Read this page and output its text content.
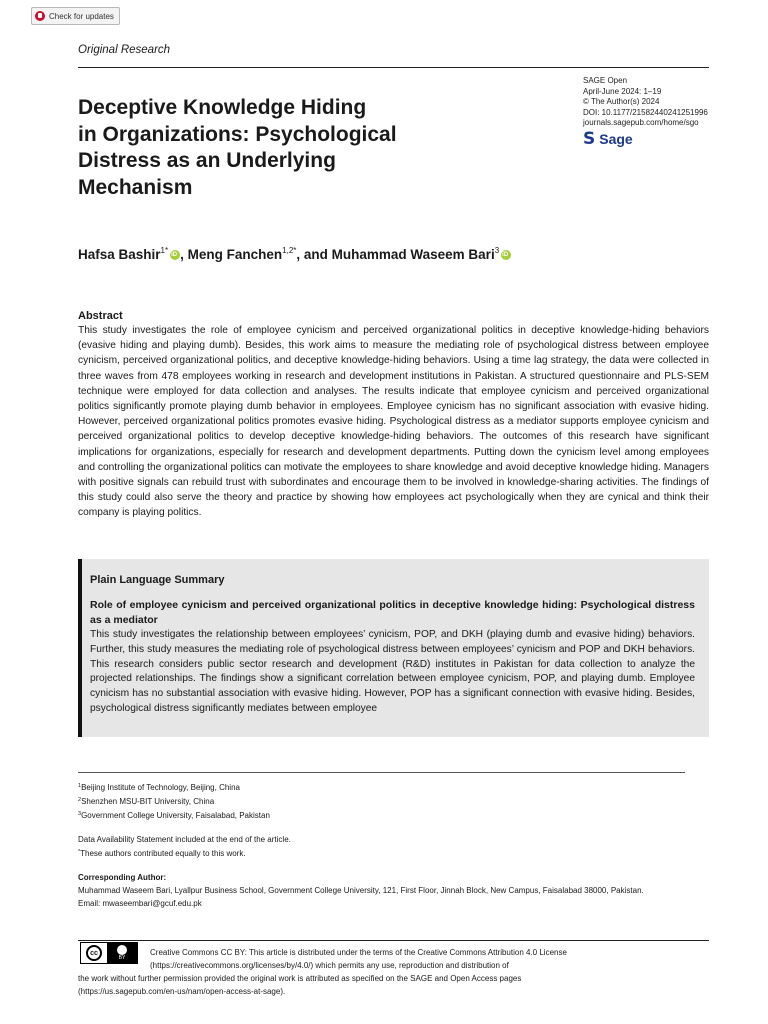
Check for updates
Original Research
SAGE Open
April-June 2024: 1–19
© The Author(s) 2024
DOI: 10.1177/21582440241251996
journals.sagepub.com/home/sgo
S Sage
Deceptive Knowledge Hiding
in Organizations: Psychological
Distress as an Underlying
Mechanism
Hafsa Bashir$^{1*}$iD , Meng Fanchen$^{1,2*}$, and Muhammad Waseem Bari$^3$iD
Abstract
This study investigates the role of employee cynicism and perceived organizational politics in deceptive knowledge-hiding behaviors (evasive hiding and playing dumb). Besides, this work aims to measure the mediating role of psychological distress between employee cynicism, perceived organizational politics, and deceptive knowledge-hiding behaviors. Using a time lag strategy, the data were collected in three waves from 478 employees working in research and development institutions in Pakistan. A structured questionnaire and PLS-SEM technique were employed for data collection and analyses. The results indicate that employee cynicism and perceived organizational politics significantly promote playing dumb behavior in employees. Employee cynicism has no significant association with evasive hiding. However, perceived organizational politics promotes evasive hiding. Psychological distress as a mediator supports employee cynicism and perceived organizational politics to develop deceptive knowledge-hiding behaviors. The outcomes of this research have significant implications for organizations, especially for research and development departments. Putting down the cynicism level among employees and controlling the organizational politics can motivate the employees to share knowledge and avoid deceptive knowledge hiding. Managers with positive signals can rebuild trust with subordinates and encourage them to be involved in knowledge-sharing activities. The findings of this study could also serve the theory and practice by showing how employees act psychologically when they are cynical and think their company is playing politics.
Plain Language Summary
Role of employee cynicism and perceived organizational politics in deceptive knowledge hiding: Psychological distress as a mediator
This study investigates the relationship between employees’ cynicism, POP, and DKH (playing dumb and evasive hiding) behaviors. Further, this study measures the mediating role of psychological distress between employees’ cynicism and POP and DKH behaviors. This research considers public sector research and development (R&D) institutes in Pakistan for data collection to analyze the projected relationships. The findings show a significant correlation between employee cynicism, POP, and playing dumb. Employee cynicism has no substantial association with evasive hiding. However, POP has a significant connection with evasive hiding. Besides, psychological distress significantly mediates between employee
$^1$Beijing Institute of Technology, Beijing, China
$^2$Shenzhen MSU-BIT University, China
$^3$Government College University, Faisalabad, Pakistan
Data Availability Statement included at the end of the article.
*These authors contributed equally to this work.
Corresponding Author:
Muhammad Waseem Bari, Lyallpur Business School, Government College University, 121, First Floor, Jinnah Block, New Campus, Faisalabad 38000, Pakistan.
Email: mwaseembari@gcuf.edu.pk
cc
BY
Creative Commons CC BY: This article is distributed under the terms of the Creative Commons Attribution 4.0 License
(https://creativecommons.org/licenses/by/4.0/) which permits any use, reproduction and distribution of
the work without further permission provided the original work is attributed as specified on the SAGE and Open Access pages
(https://us.sagepub.com/en-us/nam/open-access-at-sage).
